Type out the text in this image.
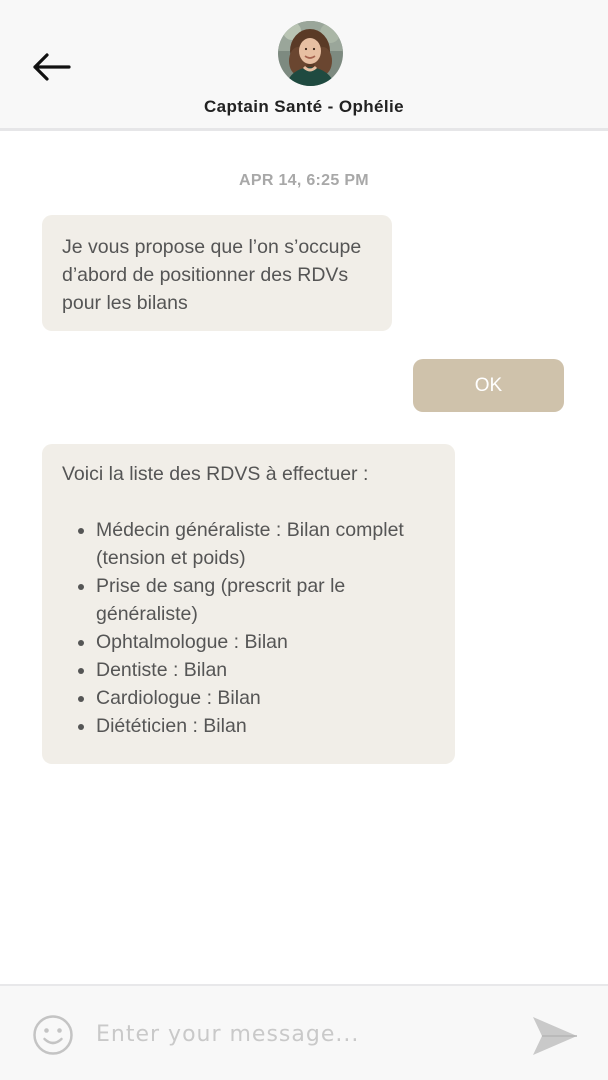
Captain Santé - Ophélie
APR 14, 6:25 PM
Je vous propose que l’on s’occupe d’abord de positionner des RDVs pour les bilans
OK
Voici la liste des RDVS à effectuer :
• Médecin généraliste : Bilan complet (tension et poids)
• Prise de sang (prescrit par le généraliste)
• Ophtalmologue : Bilan
• Dentiste : Bilan
• Cardiologue : Bilan
• Diététicien : Bilan
Enter your message...
